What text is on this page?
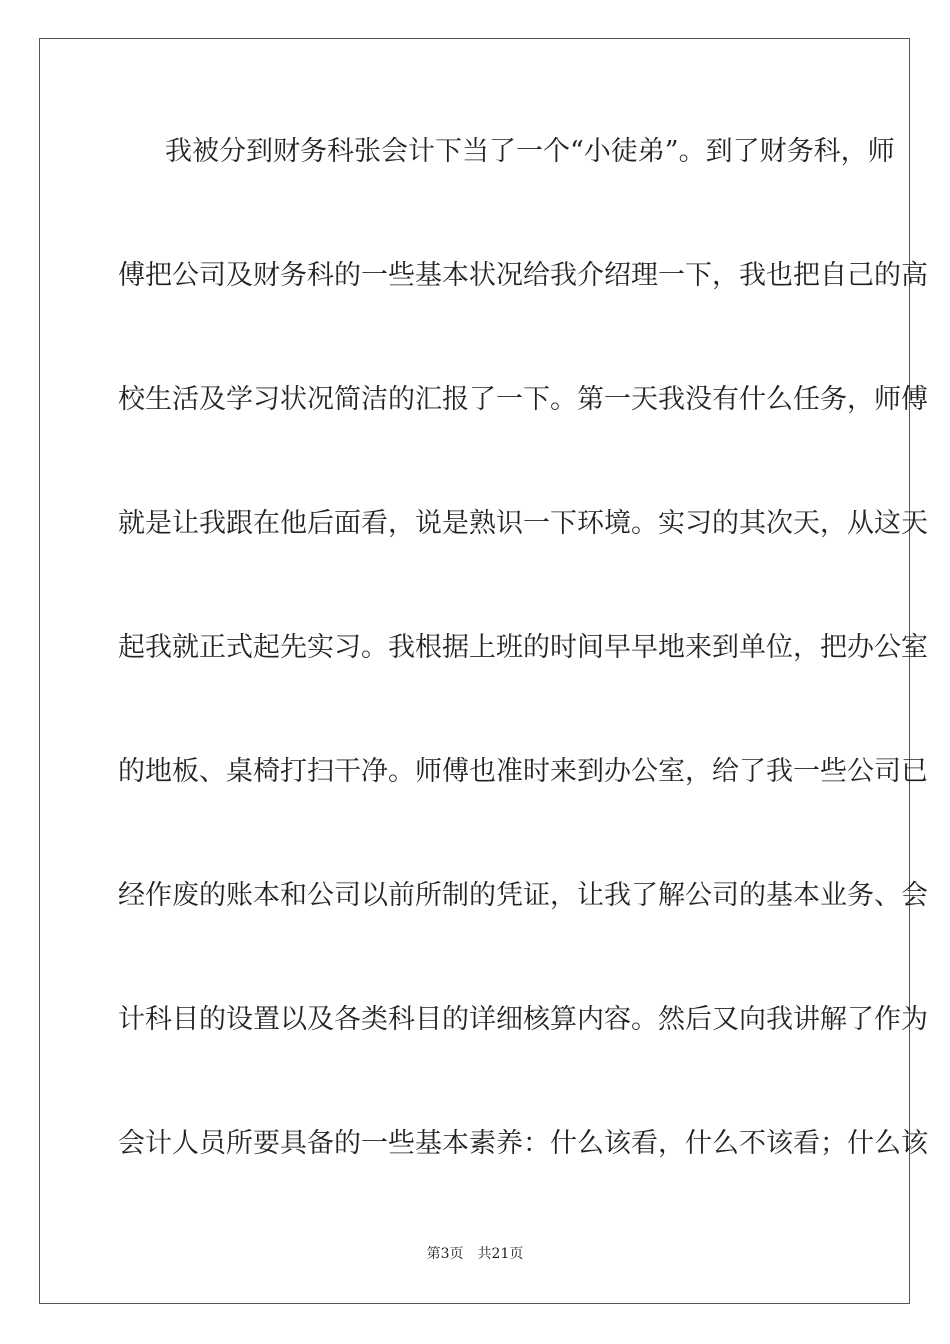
我被分到财务科张会计下当了一个“小徒弟”。到了财务科，师

傅把公司及财务科的一些基本状况给我介绍理一下，我也把自己的高

校生活及学习状况简洁的汇报了一下。第一天我没有什么任务，师傅

就是让我跟在他后面看，说是熟识一下环境。实习的其次天，从这天

起我就正式起先实习。我根据上班的时间早早地来到单位，把办公室

的地板、桌椅打扫干净。师傅也准时来到办公室，给了我一些公司已

经作废的账本和公司以前所制的凭证，让我了解公司的基本业务、会

计科目的设置以及各类科目的详细核算内容。然后又向我讲解了作为

会计人员所要具备的一些基本素养：什么该看，什么不该看；什么该

第3页 共21页
